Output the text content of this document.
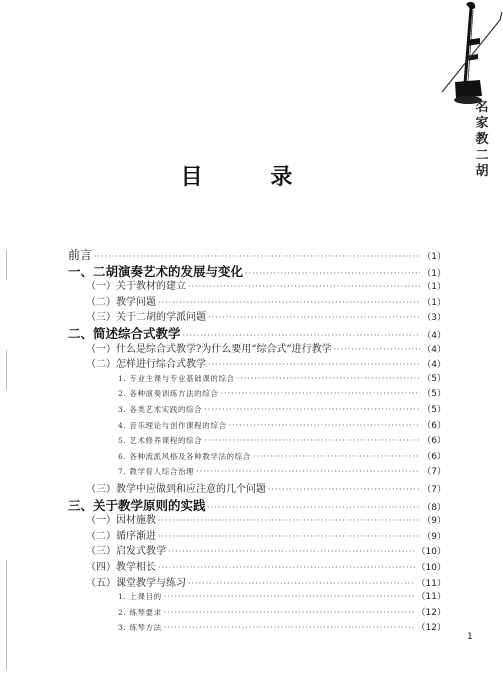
名
家
教
二
胡
目 录
前言 ·····	（1）
一、二胡演奏艺术的发展与变化 ·····	（1）
（一）关于教材的建立 ·····	（1）
（二）教学问题 ·····	（1）
（三）关于二胡的学派问题 ·····	（3）
二、简述综合式教学 ·····	（4）
（一）什么是综合式教学?为什么要用“综合式”进行教学 ·····	（4）
（二）怎样进行综合式教学 ·····	（4）
1. 专业主课与专业基础课的综合 ·····	（5）
2. 各种演奏训练方法的综合 ·····	（5）
3. 各类艺术实践的综合 ·····	（5）
4. 音乐理论与创作课程的综合 ·····	（6）
5. 艺术修养课程的综合 ·····	（6）
6. 各种流派风格及各种教学法的综合 ·····	（6）
7. 教学育人综合治理 ·····	（7）
（三）教学中应做到和应注意的几个问题 ·····	（7）
三、关于教学原则的实践 ·····	（8）
（一）因材施教 ·····	（9）
（二）循序渐进 ·····	（9）
（三）启发式教学 ·····	（10）
（四）教学相长 ·····	（10）
（五）课堂教学与练习 ·····	（11）
1. 上课目的 ·····	（11）
2. 练琴要求 ·····	（12）
3. 练琴方法 ·····	（12）
1
